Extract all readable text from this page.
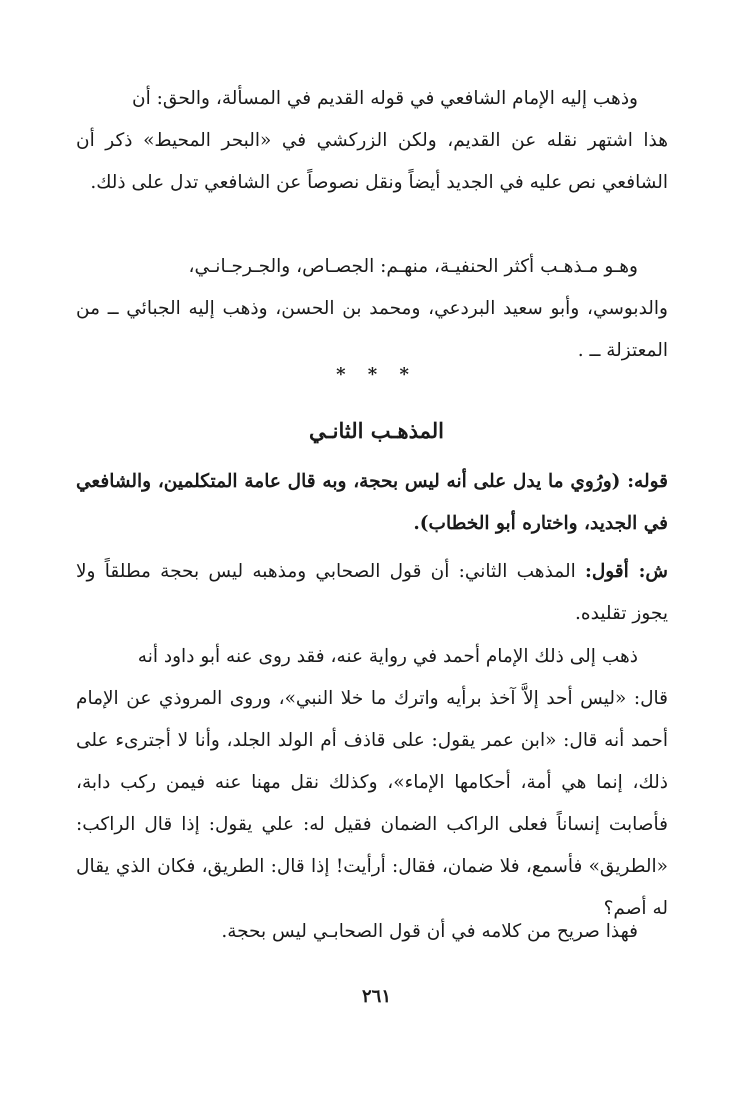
وذهب إليه الإمام الشافعي في قوله القديم في المسألة، والحق: أن
هذا اشتهر نقله عن القديم، ولكن الزركشي في «البحر المحيط» ذكر أن الشافعي نص عليه في الجديد أيضاً ونقل نصوصاً عن الشافعي تدل على ذلك.
وهـو مـذهـب أكثر الحنفيـة، منهـم: الجصـاص، والجـرجـانـي،
والدبوسي، وأبو سعيد البردعي، ومحمد بن الحسن، وذهب إليه الجبائي ــ من المعتزلة ــ .
* * *
المذهـب الثانـي
قوله: (ورُوي ما يدل على أنه ليس بحجة، وبه قال عامة المتكلمين، والشافعي في الجديد، واختاره أبو الخطاب).
ش: أقول: المذهب الثاني: أن قول الصحابي ومذهبه ليس بحجة مطلقاً ولا يجوز تقليده.
ذهب إلى ذلك الإمام أحمد في رواية عنه، فقد روى عنه أبو داود أنه
قال: «ليس أحد إلاَّ آخذ برأيه واترك ما خلا النبي»، وروى المروذي عن الإمام أحمد أنه قال: «ابن عمر يقول: على قاذف أم الولد الجلد، وأنا لا أجترىء على ذلك، إنما هي أمة، أحكامها الإماء»، وكذلك نقل مهنا عنه فيمن ركب دابة، فأصابت إنساناً فعلى الراكب الضمان فقيل له: علي يقول: إذا قال الراكب: «الطريق» فأسمع، فلا ضمان، فقال: أرأيت! إذا قال: الطريق، فكان الذي يقال له أصم؟
فهذا صريح من كلامه في أن قول الصحابـي ليس بحجة.
٢٦١
